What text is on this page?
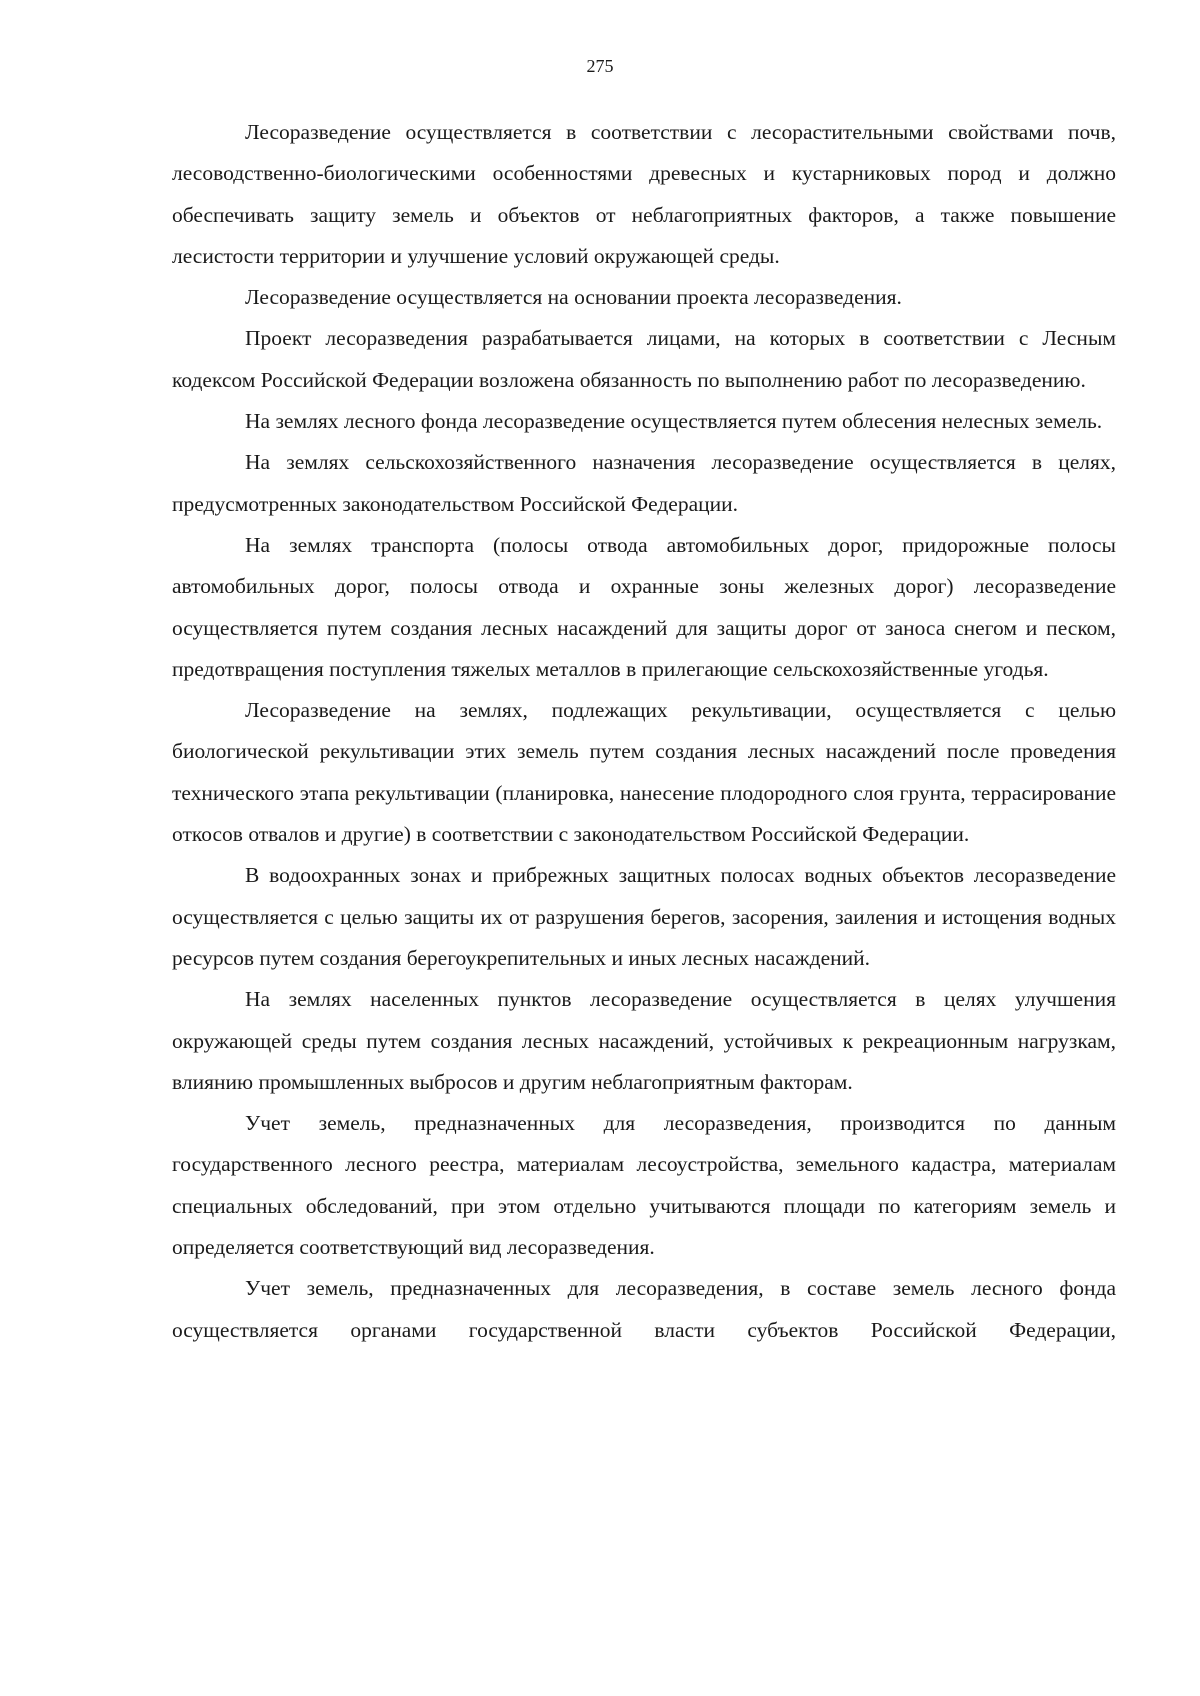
275

Лесоразведение осуществляется в соответствии с лесорастительными свойствами почв, лесоводственно-биологическими особенностями древесных и кустарниковых пород и должно обеспечивать защиту земель и объектов от неблагоприятных факторов, а также повышение лесистости территории и улучшение условий окружающей среды.

Лесоразведение осуществляется на основании проекта лесоразведения.

Проект лесоразведения разрабатывается лицами, на которых в соответствии с Лесным кодексом Российской Федерации возложена обязанность по выполнению работ по лесоразведению.

На землях лесного фонда лесоразведение осуществляется путем облесения нелесных земель.

На землях сельскохозяйственного назначения лесоразведение осуществляется в целях, предусмотренных законодательством Российской Федерации.

На землях транспорта (полосы отвода автомобильных дорог, придорожные полосы автомобильных дорог, полосы отвода и охранные зоны железных дорог) лесоразведение осуществляется путем создания лесных насаждений для защиты дорог от заноса снегом и песком, предотвращения поступления тяжелых металлов в прилегающие сельскохозяйственные угодья.

Лесоразведение на землях, подлежащих рекультивации, осуществляется с целью биологической рекультивации этих земель путем создания лесных насаждений после проведения технического этапа рекультивации (планировка, нанесение плодородного слоя грунта, террасирование откосов отвалов и другие) в соответствии с законодательством Российской Федерации.

В водоохранных зонах и прибрежных защитных полосах водных объектов лесоразведение осуществляется с целью защиты их от разрушения берегов, засорения, заиления и истощения водных ресурсов путем создания берегоукрепительных и иных лесных насаждений.

На землях населенных пунктов лесоразведение осуществляется в целях улучшения окружающей среды путем создания лесных насаждений, устойчивых к рекреационным нагрузкам, влиянию промышленных выбросов и другим неблагоприятным факторам.

Учет земель, предназначенных для лесоразведения, производится по данным государственного лесного реестра, материалам лесоустройства, земельного кадастра, материалам специальных обследований, при этом отдельно учитываются площади по категориям земель и определяется соответствующий вид лесоразведения.

Учет земель, предназначенных для лесоразведения, в составе земель лесного фонда осуществляется органами государственной власти субъектов Российской Федерации,
